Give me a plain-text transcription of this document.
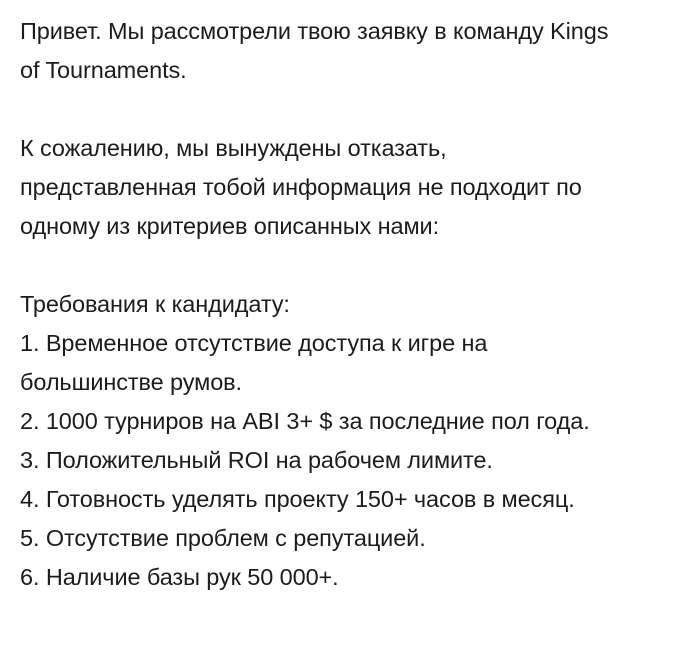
Привет. Мы рассмотрели твою заявку в команду Kings
of Tournaments.
К сожалению, мы вынуждены отказать,
представленная тобой информация не подходит по
одному из критериев описанных нами:
Требования к кандидату:
1. Временное отсутствие доступа к игре на
большинстве румов.
2. 1000 турниров на ABI 3+ $ за последние пол года.
3. Положительный ROI на рабочем лимите.
4. Готовность уделять проекту 150+ часов в месяц.
5. Отсутствие проблем с репутацией.
6. Наличие базы рук 50 000+.
